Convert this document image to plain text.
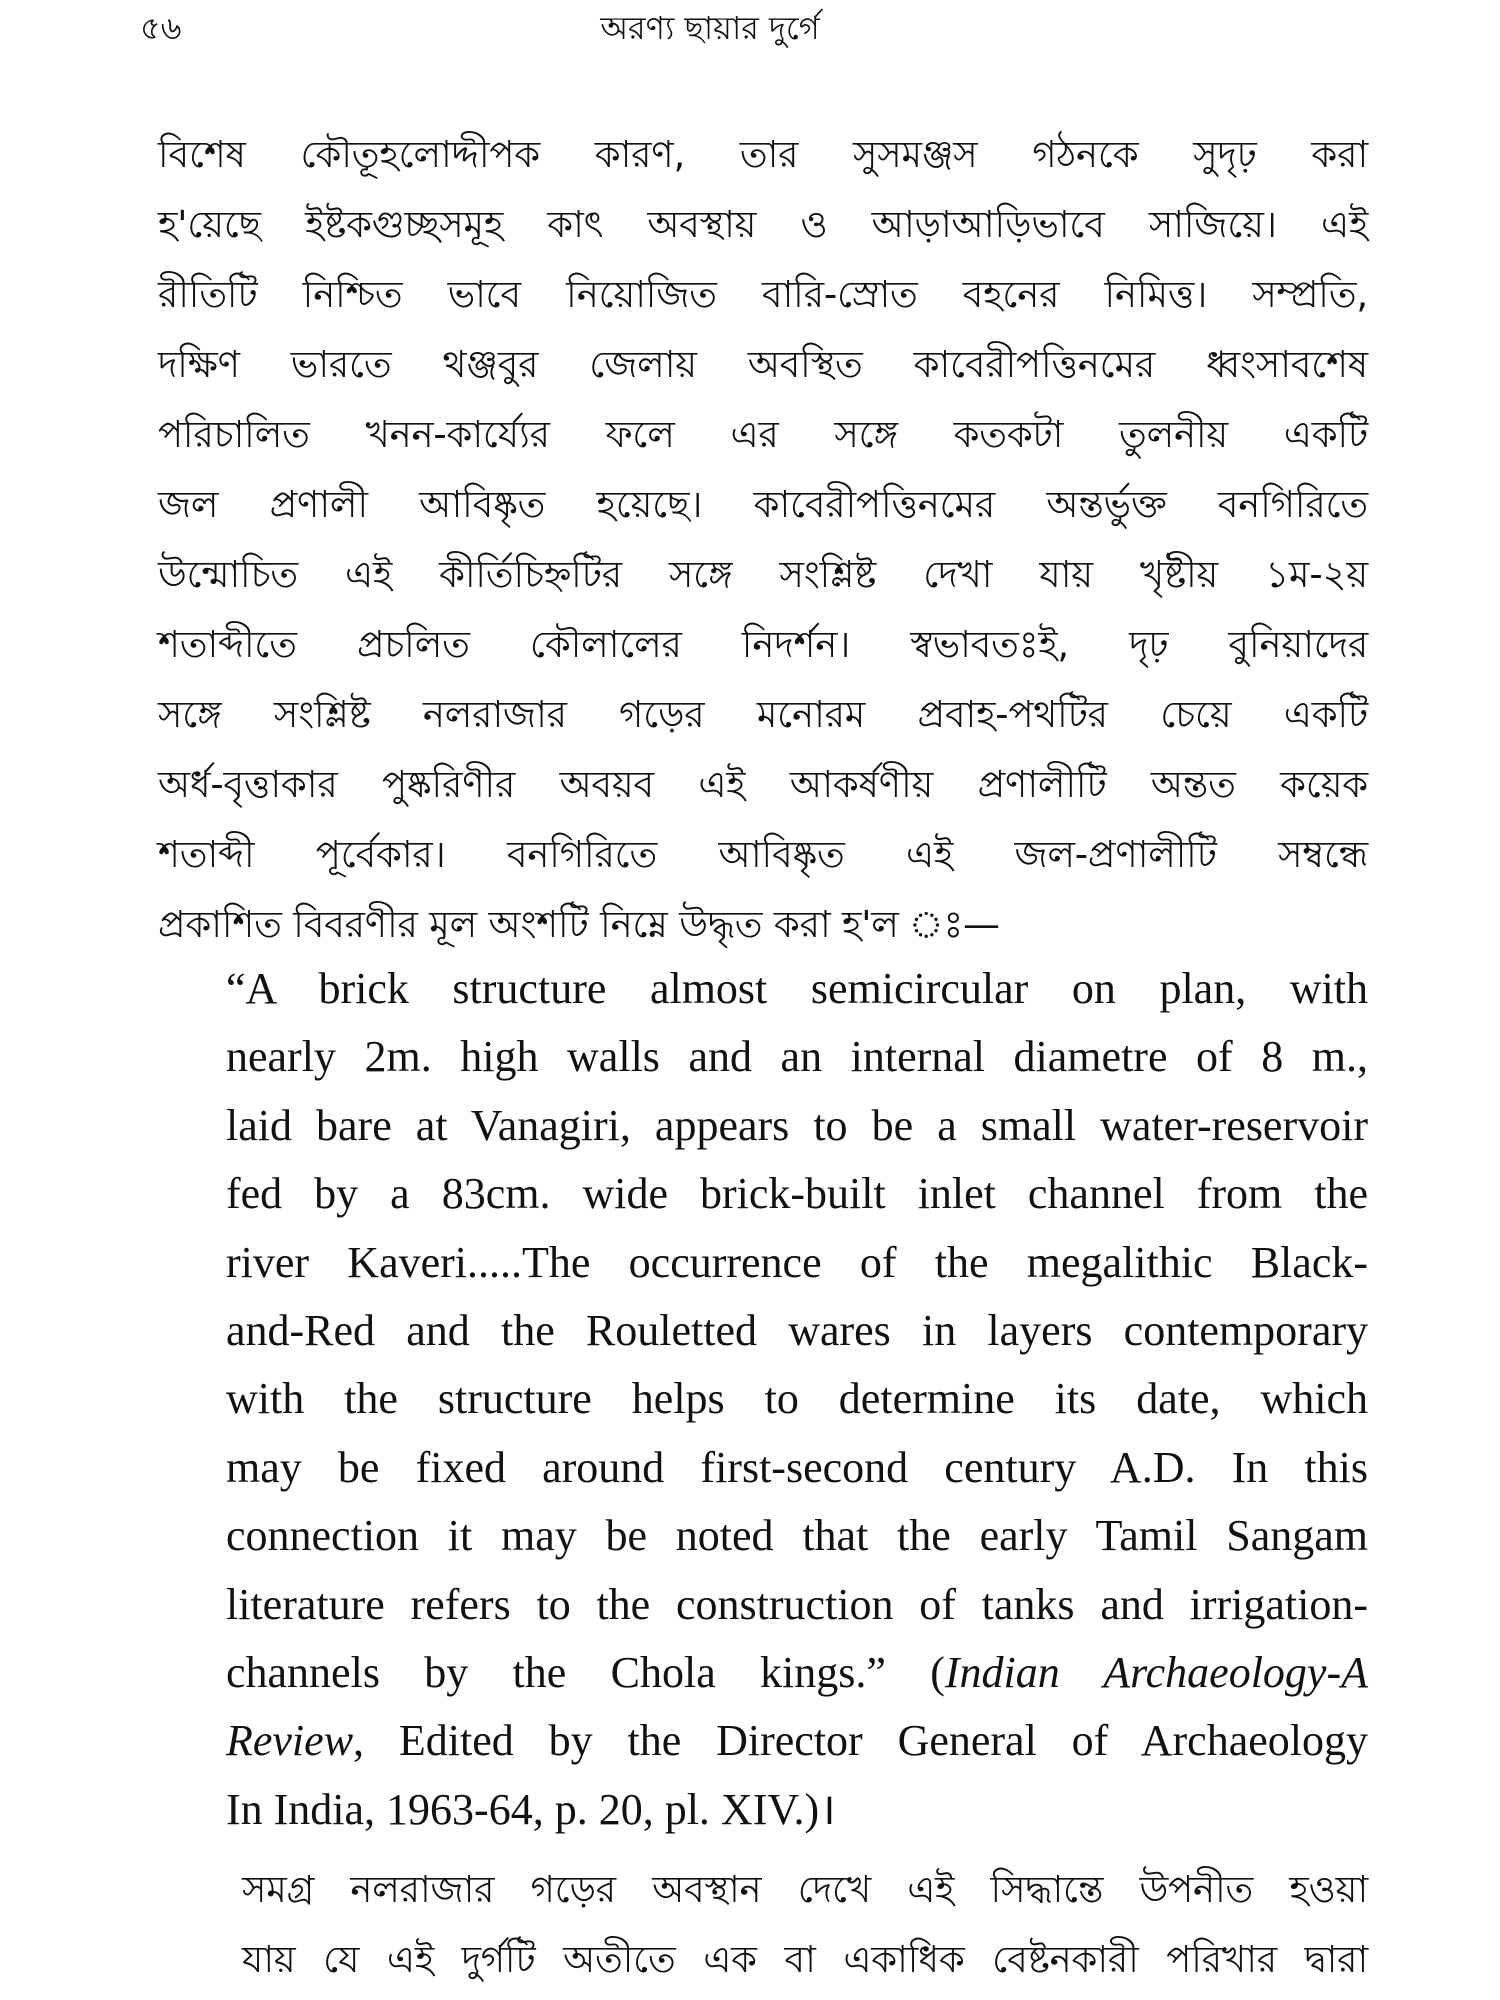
৫৬	অরণ্য ছায়ার দুর্গে
বিশেষ কৌতূহলোদ্দীপক কারণ, তার সুসমঞ্জস গঠনকে সুদৃঢ় করা
হ'য়েছে ইষ্টকগুচ্ছসমূহ কাৎ অবস্থায় ও আড়াআড়িভাবে সাজিয়ে। এই
রীতিটি নিশ্চিত ভাবে নিয়োজিত বারি-স্রোত বহনের নিমিত্ত। সম্প্রতি,
দক্ষিণ ভারতে থঞ্জবুর জেলায় অবস্থিত কাবেরীপত্তিনমের ধ্বংসাবশেষ
পরিচালিত খনন-কার্য্যের ফলে এর সঙ্গে কতকটা তুলনীয় একটি
জল প্রণালী আবিষ্কৃত হয়েছে। কাবেরীপত্তিনমের অন্তর্ভুক্ত বনগিরিতে
উন্মোচিত এই কীর্তিচিহ্নটির সঙ্গে সংশ্লিষ্ট দেখা যায় খৃষ্টীয় ১ম-২য়
শতাব্দীতে প্রচলিত কৌলালের নিদর্শন। স্বভাবতঃই, দৃঢ় বুনিয়াদের
সঙ্গে সংশ্লিষ্ট নলরাজার গড়ের মনোরম প্রবাহ-পথটির চেয়ে একটি
অর্ধ-বৃত্তাকার পুষ্করিণীর অবয়ব এই আকর্ষণীয় প্রণালীটি অন্তত কয়েক
শতাব্দী পূর্বেকার। বনগিরিতে আবিষ্কৃত এই জল-প্রণালীটি সম্বন্ধে
প্রকাশিত বিবরণীর মূল অংশটি নিম্নে উদ্ধৃত করা হ'ল ঃ—
“A brick structure almost semicircular on plan, with
nearly 2m. high walls and an internal diametre of 8 m.,
laid bare at Vanagiri, appears to be a small water-reservoir
fed by a 83cm. wide brick-built inlet channel from the
river Kaveri.....The occurrence of the megalithic Black-
and-Red and the Rouletted wares in layers contemporary
with the structure helps to determine its date, which
may be fixed around first-second century A.D. In this
connection it may be noted that the early Tamil Sangam
literature refers to the construction of tanks and irrigation-
channels by the Chola kings.” (Indian Archaeology-A
Review, Edited by the Director General of Archaeology
In India, 1963-64, p. 20, pl. XIV.)।
সমগ্র নলরাজার গড়ের অবস্থান দেখে এই সিদ্ধান্তে উপনীত হওয়া
যায় যে এই দুর্গটি অতীতে এক বা একাধিক বেষ্টনকারী পরিখার দ্বারা
